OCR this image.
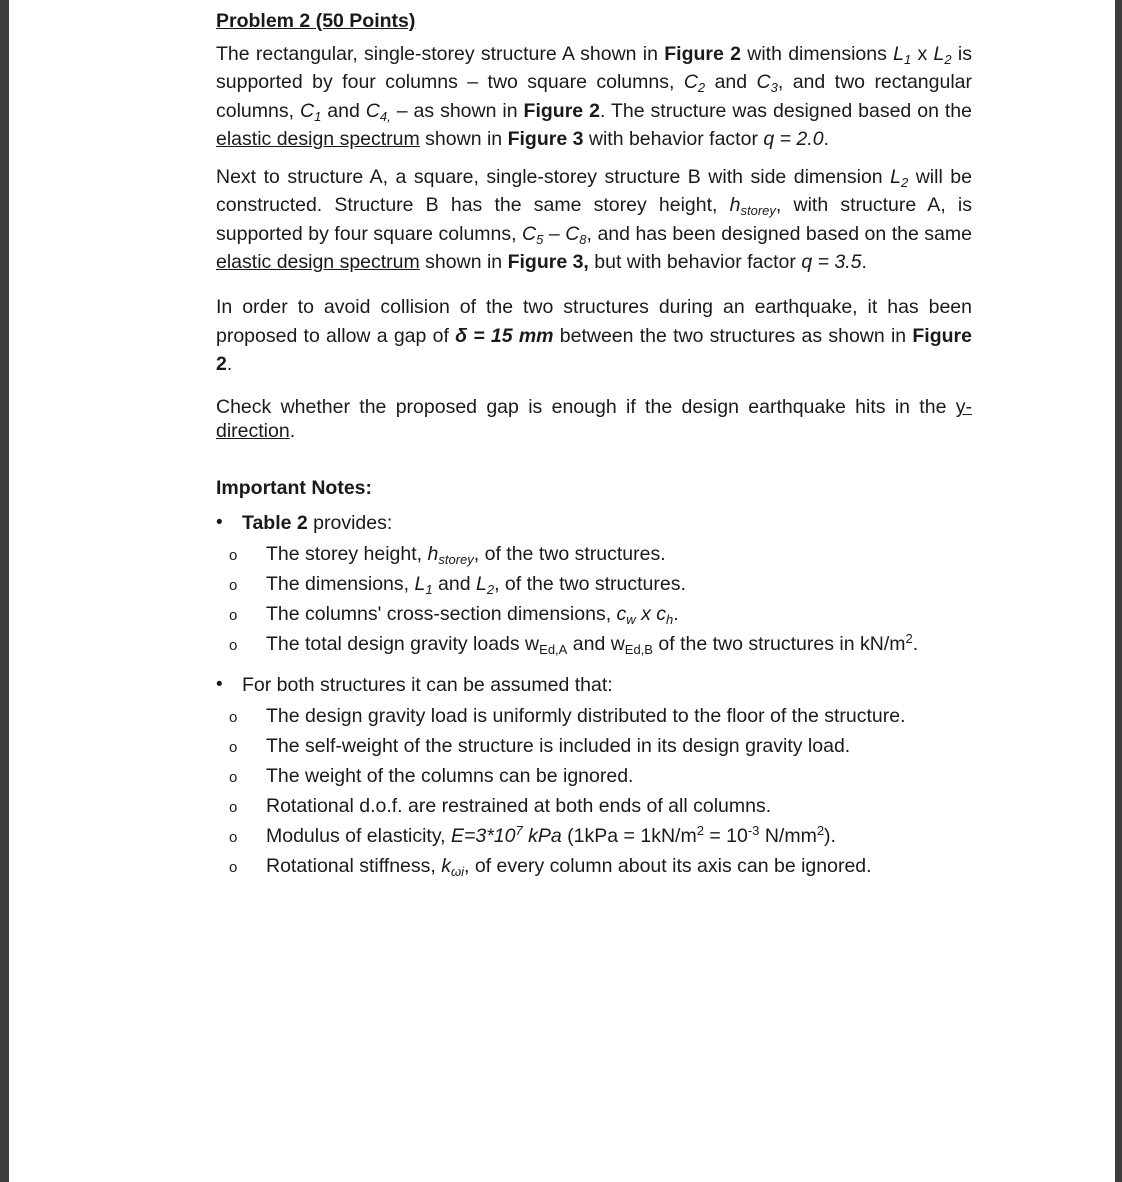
Problem 2 (50 Points)
The rectangular, single-storey structure A shown in Figure 2 with dimensions $L_1$ x $L_2$ is supported by four columns – two square columns, $C_2$ and $C_3$, and two rectangular columns, $C_1$ and $C_{4,}$ – as shown in Figure 2. The structure was designed based on the elastic design spectrum shown in Figure 3 with behavior factor q = 2.0.
Next to structure A, a square, single-storey structure B with side dimension $L_2$ will be constructed. Structure B has the same storey height, $h_{storey}$, with structure A, is supported by four square columns, $C_5 - C_8$, and has been designed based on the same elastic design spectrum shown in Figure 3, but with behavior factor q = 3.5.
In order to avoid collision of the two structures during an earthquake, it has been proposed to allow a gap of δ = 15 mm between the two structures as shown in Figure 2.
Check whether the proposed gap is enough if the design earthquake hits in the y-direction.
Important Notes:
• Table 2 provides:
o The storey height, $h_{storey}$, of the two structures.
o The dimensions, $L_1$ and $L_2$, of the two structures.
o The columns' cross-section dimensions, $c_w$ x $c_h$.
o The total design gravity loads $w_{Ed,A}$ and $w_{Ed,B}$ of the two structures in $kN/m^2$.
• For both structures it can be assumed that:
o The design gravity load is uniformly distributed to the floor of the structure.
o The self-weight of the structure is included in its design gravity load.
o The weight of the columns can be ignored.
o Rotational d.o.f. are restrained at both ends of all columns.
o Modulus of elasticity, $E=3*10^7$ kPa ($1kPa = 1kN/m^2 = 10^{-3}$ $N/mm^2$).
o Rotational stiffness, $k_{\omega i}$, of every column about its axis can be ignored.
